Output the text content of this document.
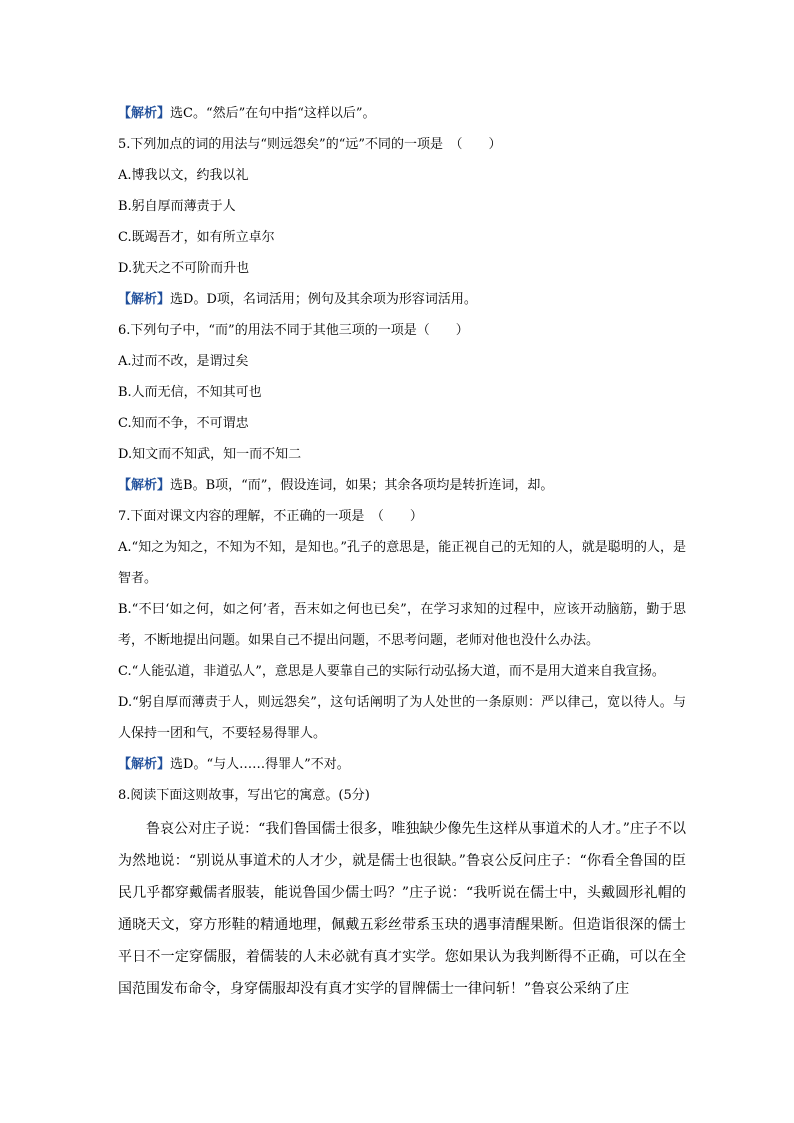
【解析】选C。“然后”在句中指“这样以后”。
5.下列加点的词的用法与“则远怨矣”的“远”不同的一项是　（　　）
A.博我以文，约我以礼
B.躬自厚而薄责于人
C.既竭吾才，如有所立卓尔
D.犹天之不可阶而升也
【解析】选D。D项，名词活用；例句及其余项为形容词活用。
6.下列句子中，“而”的用法不同于其他三项的一项是（　　）
A.过而不改，是谓过矣
B.人而无信，不知其可也
C.知而不争，不可谓忠
D.知文而不知武，知一而不知二
【解析】选B。B项，“而”，假设连词，如果；其余各项均是转折连词，却。
7.下面对课文内容的理解，不正确的一项是　（　　）
A.“知之为知之，不知为不知，是知也。”孔子的意思是，能正视自己的无知的人，就是聪明的人，是智者。
B.“不曰‘如之何，如之何’者，吾末如之何也已矣”，在学习求知的过程中，应该开动脑筋，勤于思考，不断地提出问题。如果自己不提出问题，不思考问题，老师对他也没什么办法。
C.“人能弘道，非道弘人”，意思是人要靠自己的实际行动弘扬大道，而不是用大道来自我宣扬。
D.“躬自厚而薄责于人，则远怨矣”，这句话阐明了为人处世的一条原则：严以律己，宽以待人。与人保持一团和气，不要轻易得罪人。
【解析】选D。“与人……得罪人”不对。
8.阅读下面这则故事，写出它的寓意。(5分)
鲁哀公对庄子说：“我们鲁国儒士很多，唯独缺少像先生这样从事道术的人才。”庄子不以为然地说：“别说从事道术的人才少，就是儒士也很缺。”鲁哀公反问庄子：“你看全鲁国的臣民几乎都穿戴儒者服装，能说鲁国少儒士吗？”庄子说：“我听说在儒士中，头戴圆形礼帽的通晓天文，穿方形鞋的精通地理，佩戴五彩丝带系玉玦的遇事清醒果断。但造诣很深的儒士平日不一定穿儒服，着儒装的人未必就有真才实学。您如果认为我判断得不正确，可以在全国范围发布命令，身穿儒服却没有真才实学的冒牌儒士一律问斩！”鲁哀公采纳了庄
